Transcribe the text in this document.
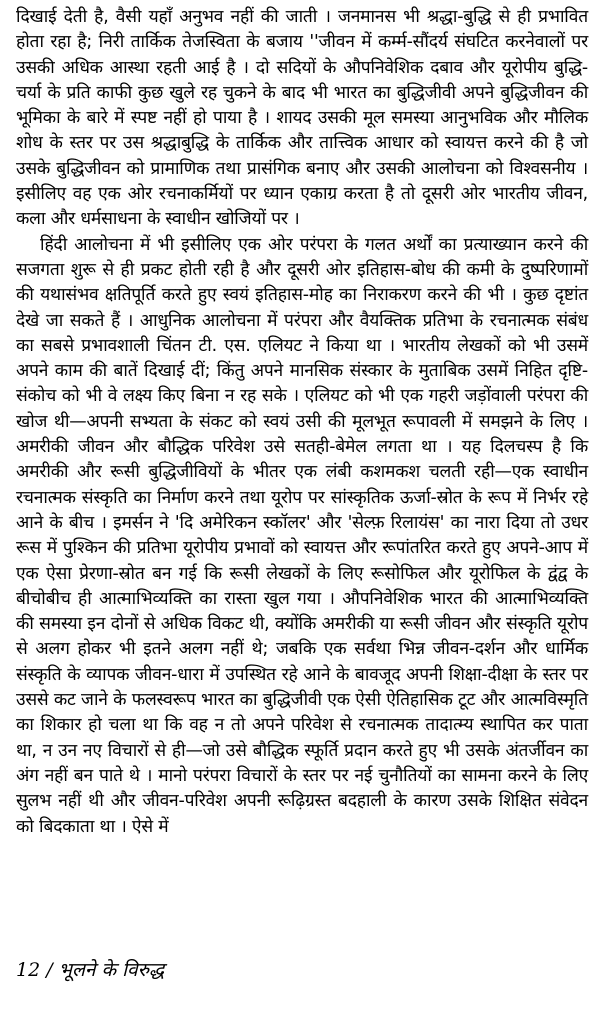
दिखाई देती है, वैसी यहाँ अनुभव नहीं की जाती । जनमानस भी श्रद्धा-बुद्धि से ही प्रभावित होता रहा है; निरी तार्किक तेजस्विता के बजाय ''जीवन में कर्म्म-सौंदर्य संघटित करनेवालों पर उसकी अधिक आस्था रहती आई है । दो सदियों के औपनिवेशिक दबाव और यूरोपीय बुद्धि-चर्या के प्रति काफी कुछ खुले रह चुकने के बाद भी भारत का बुद्धिजीवी अपने बुद्धिजीवन की भूमिका के बारे में स्पष्ट नहीं हो पाया है । शायद उसकी मूल समस्या आनुभविक और मौलिक शोध के स्तर पर उस श्रद्धाबुद्धि के तार्किक और तात्त्विक आधार को स्वायत्त करने की है जो उसके बुद्धिजीवन को प्रामाणिक तथा प्रासंगिक बनाए और उसकी आलोचना को विश्वसनीय । इसीलिए वह एक ओर रचनाकर्मियों पर ध्यान एकाग्र करता है तो दूसरी ओर भारतीय जीवन, कला और धर्मसाधना के स्वाधीन खोजियों पर ।

हिंदी आलोचना में भी इसीलिए एक ओर परंपरा के गलत अर्थों का प्रत्याख्यान करने की सजगता शुरू से ही प्रकट होती रही है और दूसरी ओर इतिहास-बोध की कमी के दुष्परिणामों की यथासंभव क्षतिपूर्ति करते हुए स्वयं इतिहास-मोह का निराकरण करने की भी । कुछ दृष्टांत देखे जा सकते हैं । आधुनिक आलोचना में परंपरा और वैयक्तिक प्रतिभा के रचनात्मक संबंध का सबसे प्रभावशाली चिंतन टी. एस. एलियट ने किया था । भारतीय लेखकों को भी उसमें अपने काम की बातें दिखाई दीं; किंतु अपने मानसिक संस्कार के मुताबिक उसमें निहित दृष्टि-संकोच को भी वे लक्ष्य किए बिना न रह सके । एलियट को भी एक गहरी जड़ोंवाली परंपरा की खोज थी—अपनी सभ्यता के संकट को स्वयं उसी की मूलभूत रूपावली में समझने के लिए । अमरीकी जीवन और बौद्धिक परिवेश उसे सतही-बेमेल लगता था । यह दिलचस्प है कि अमरीकी और रूसी बुद्धिजीवियों के भीतर एक लंबी कशमकश चलती रही—एक स्वाधीन रचनात्मक संस्कृति का निर्माण करने तथा यूरोप पर सांस्कृतिक ऊर्जा-स्रोत के रूप में निर्भर रहे आने के बीच । इमर्सन ने 'दि अमेरिकन स्कॉलर' और 'सेल्फ़ रिलायंस' का नारा दिया तो उधर रूस में पुश्किन की प्रतिभा यूरोपीय प्रभावों को स्वायत्त और रूपांतरित करते हुए अपने-आप में एक ऐसा प्रेरणा-स्रोत बन गई कि रूसी लेखकों के लिए रूसोफिल और यूरोफिल के द्वंद्व के बीचोबीच ही आत्माभिव्यक्ति का रास्ता खुल गया । औपनिवेशिक भारत की आत्माभिव्यक्ति की समस्या इन दोनों से अधिक विकट थी, क्योंकि अमरीकी या रूसी जीवन और संस्कृति यूरोप से अलग होकर भी इतने अलग नहीं थे; जबकि एक सर्वथा भिन्न जीवन-दर्शन और धार्मिक संस्कृति के व्यापक जीवन-धारा में उपस्थित रहे आने के बावजूद अपनी शिक्षा-दीक्षा के स्तर पर उससे कट जाने के फलस्वरूप भारत का बुद्धिजीवी एक ऐसी ऐतिहासिक टूट और आत्मविस्मृति का शिकार हो चला था कि वह न तो अपने परिवेश से रचनात्मक तादात्म्य स्थापित कर पाता था, न उन नए विचारों से ही—जो उसे बौद्धिक स्फूर्ति प्रदान करते हुए भी उसके अंतर्जीवन का अंग नहीं बन पाते थे । मानो परंपरा विचारों के स्तर पर नई चुनौतियों का सामना करने के लिए सुलभ नहीं थी और जीवन-परिवेश अपनी रूढ़िग्रस्त बदहाली के कारण उसके शिक्षित संवेदन को बिदकाता था । ऐसे में

12 / भूलने के विरुद्ध
